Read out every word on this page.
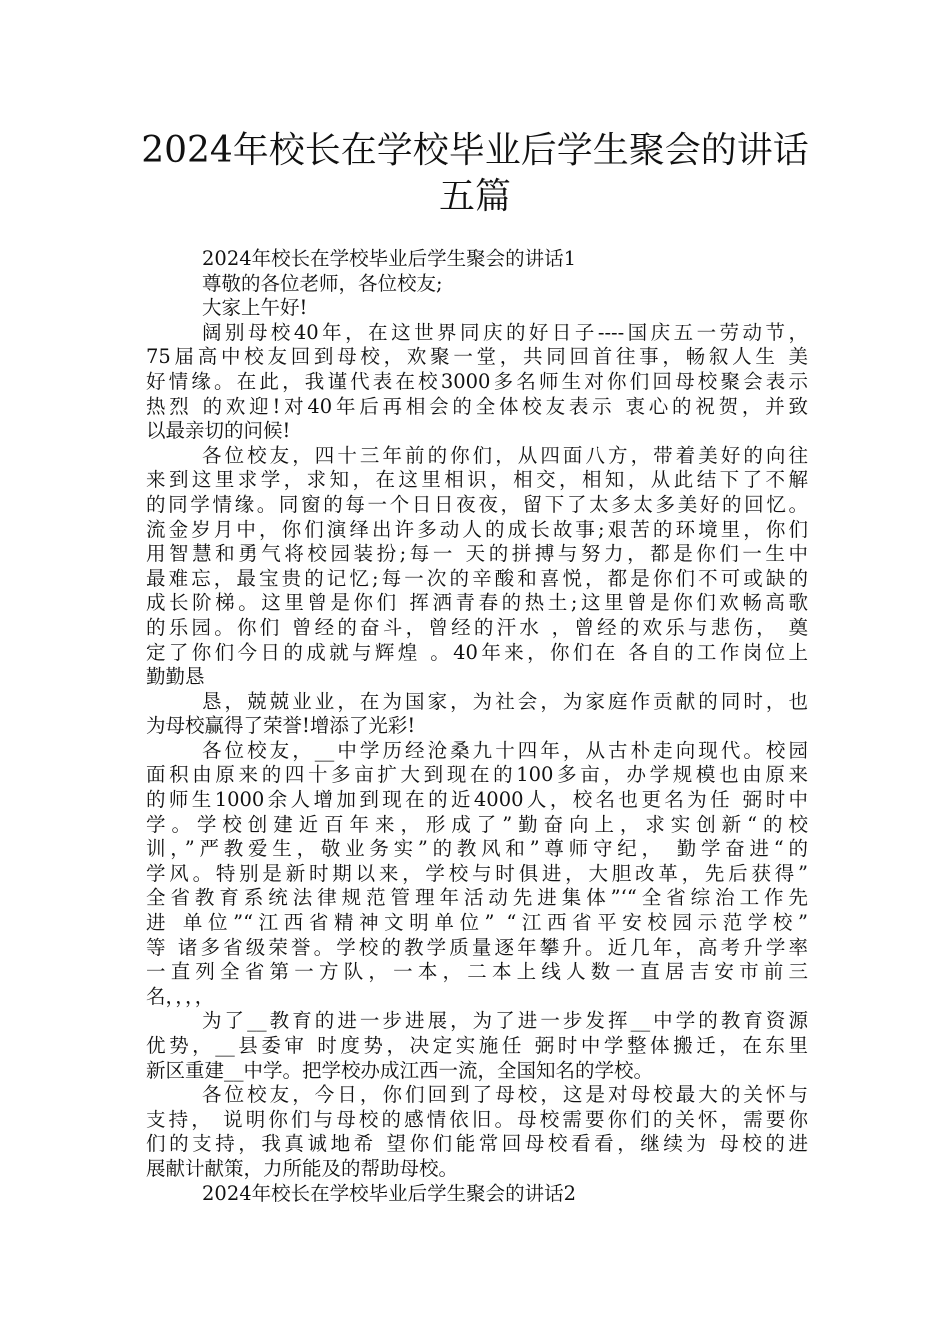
2024年校长在学校毕业后学生聚会的讲话
五篇
2024年校长在学校毕业后学生聚会的讲话1
尊敬的各位老师，各位校友;
大家上午好!
阔别母校40年，在这世界同庆的好日子----国庆五一劳动节，
75届高中校友回到母校，欢聚一堂，共同回首往事，畅叙人生 美
好情缘。在此，我谨代表在校3000多名师生对你们回母校聚会表示
热烈 的欢迎!对40年后再相会的全体校友表示 衷心的祝贺，并致
以最亲切的问候!
各位校友，四十三年前的你们，从四面八方，带着美好的向往
来到这里求学，求知，在这里相识，相交，相知，从此结下了不解
的同学情缘。同窗的每一个日日夜夜，留下了太多太多美好的回忆。
流金岁月中，你们演绎出许多动人的成长故事;艰苦的环境里，你们
用智慧和勇气将校园装扮;每一 天的拼搏与努力，都是你们一生中
最难忘，最宝贵的记忆;每一次的辛酸和喜悦，都是你们不可或缺的
成长阶梯。这里曾是你们 挥洒青春的热土;这里曾是你们欢畅高歌
的乐园。你们 曾经的奋斗，曾经的汗水 ，曾经的欢乐与悲伤， 奠
定了你们今日的成就与辉煌 。40年来，你们在 各自的工作岗位上
勤勤恳
恳，兢兢业业，在为国家，为社会，为家庭作贡献的同时，也
为母校赢得了荣誉!增添了光彩!
各位校友，__中学历经沧桑九十四年，从古朴走向现代。校园
面积由原来的四十多亩扩大到现在的100多亩，办学规模也由原来
的师生1000余人增加到现在的近4000人，校名也更名为任 弼时中
学。学校创建近百年来，形成了”勤奋向上，求实创新“的校
训，”严教爱生，敬业务实”的教风和”尊师守纪， 勤学奋进“的
学风。特别是新时期以来，学校与时俱进，大胆改革，先后获得”
全省教育系统法律规范管理年活动先进集体”‘“全省综治工作先
进 单位”“江西省精神文明单位” “江西省平安校园示范学校”
等 诸多省级荣誉。学校的教学质量逐年攀升。近几年，高考升学率
一直列全省第一方队，一本，二本上线人数一直居吉安市前三
名，，，，
为了__教育的进一步进展，为了进一步发挥__中学的教育资源
优势，__县委审 时度势，决定实施任 弼时中学整体搬迁，在东里
新区重建__中学。把学校办成江西一流，全国知名的学校。
各位校友，今日，你们回到了母校，这是对母校最大的关怀与
支持， 说明你们与母校的感情依旧。母校需要你们的关怀，需要你
们的支持，我真诚地希 望你们能常回母校看看，继续为 母校的进
展献计献策，力所能及的帮助母校。
2024年校长在学校毕业后学生聚会的讲话2
